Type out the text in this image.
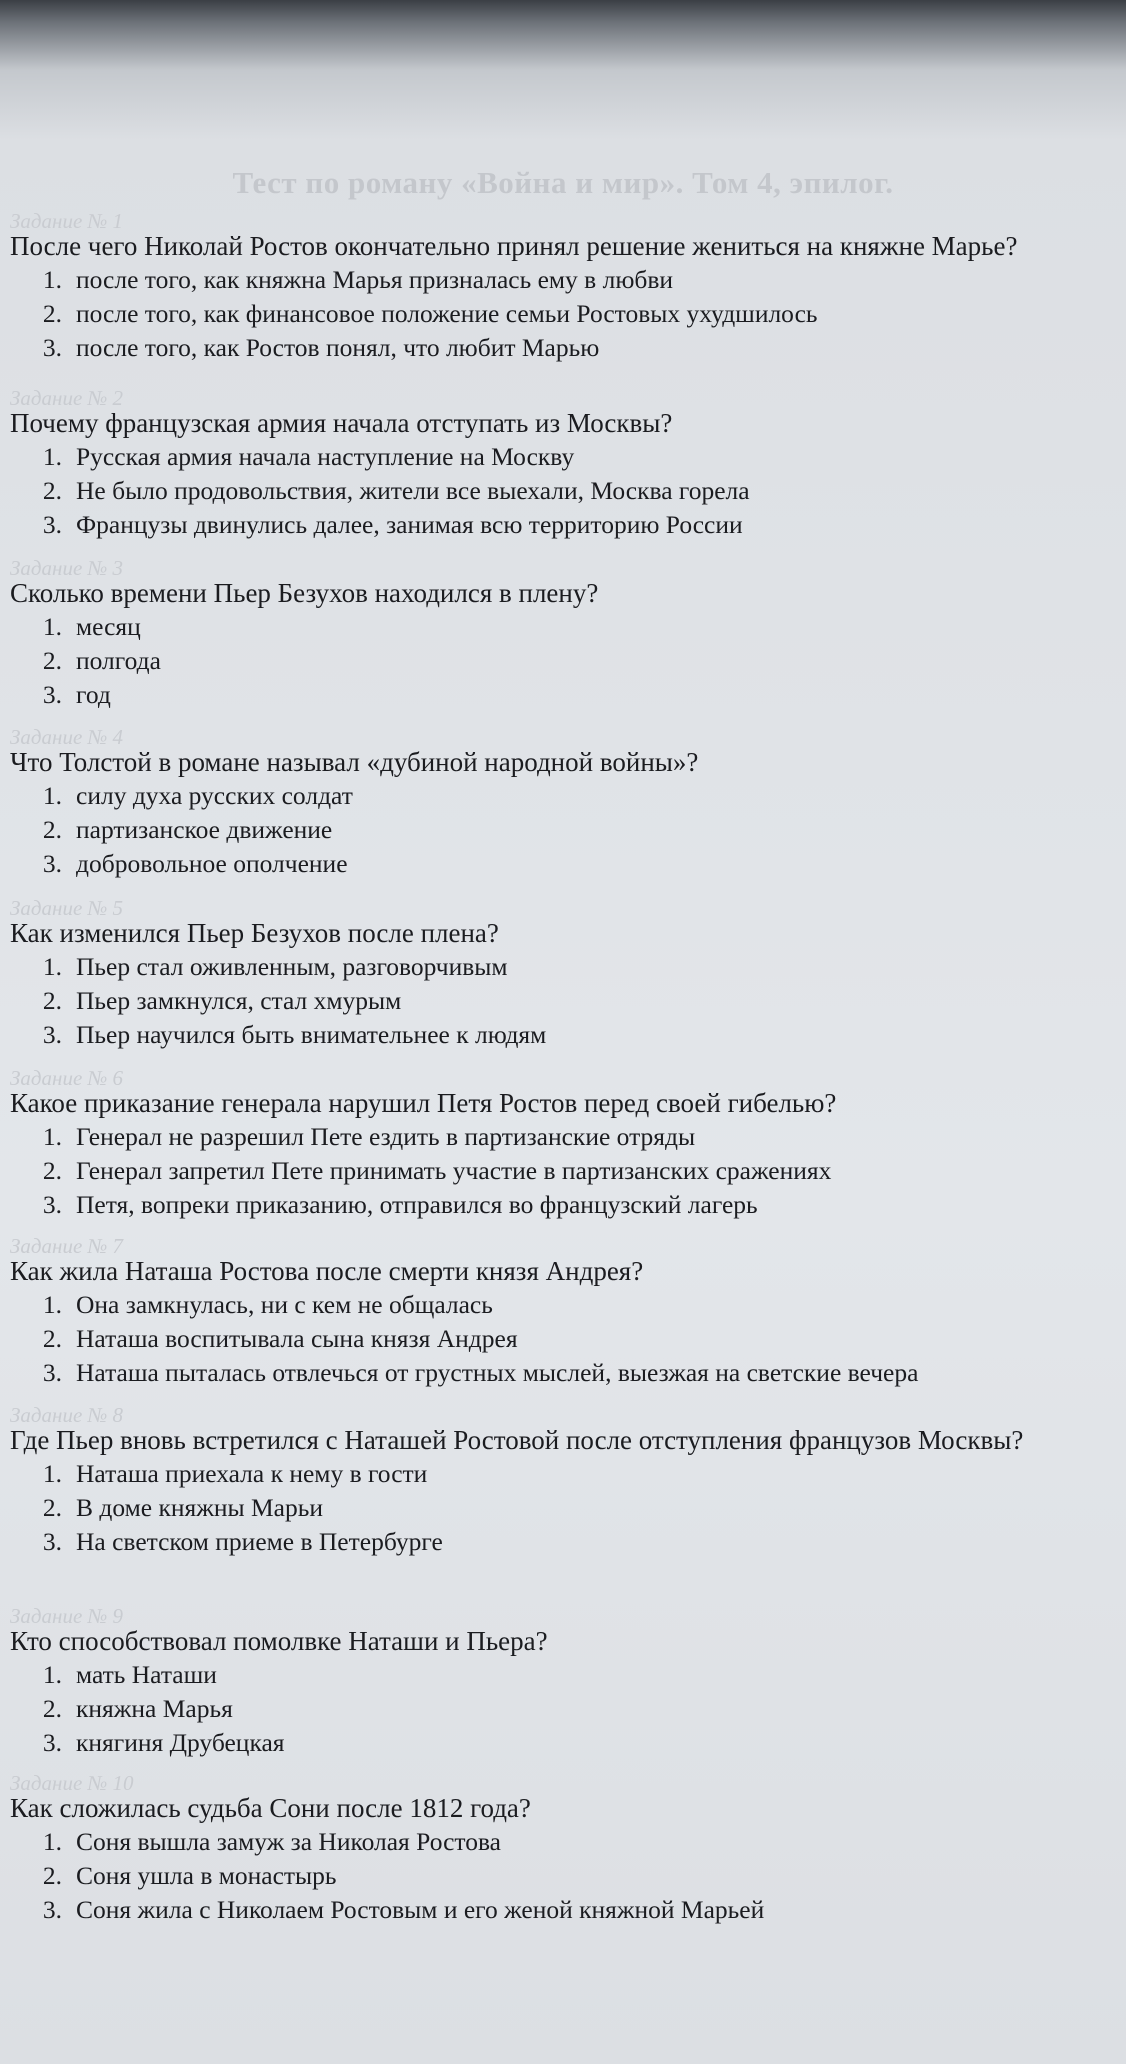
Тест по роману «Война и мир». Том 4, эпилог.
Задание № 1

После чего Николай Ростов окончательно принял решение жениться на княжне Марье?

1. после того, как княжна Марья призналась ему в любви
2. после того, как финансовое положение семьи Ростовых ухудшилось
3. после того, как Ростов понял, что любит Марью
Задание № 2

Почему французская армия начала отступать из Москвы?

1. Русская армия начала наступление на Москву
2. Не было продовольствия, жители все выехали, Москва горела
3. Французы двинулись далее, занимая всю территорию России
Задание № 3

Сколько времени Пьер Безухов находился в плену?

1. месяц
2. полгода
3. год
Задание № 4

Что Толстой в романе называл «дубиной народной войны»?

1. силу духа русских солдат
2. партизанское движение
3. добровольное ополчение
Задание № 5

Как изменился Пьер Безухов после плена?

1. Пьер стал оживленным, разговорчивым
2. Пьер замкнулся, стал хмурым
3. Пьер научился быть внимательнее к людям
Задание № 6

Какое приказание генерала нарушил Петя Ростов перед своей гибелью?

1. Генерал не разрешил Пете ездить в партизанские отряды
2. Генерал запретил Пете принимать участие в партизанских сражениях
3. Петя, вопреки приказанию, отправился во французский лагерь
Задание № 7

Как жила Наташа Ростова после смерти князя Андрея?

1. Она замкнулась, ни с кем не общалась
2. Наташа воспитывала сына князя Андрея
3. Наташа пыталась отвлечься от грустных мыслей, выезжая на светские вечера
Задание № 8

Где Пьер вновь встретился с Наташей Ростовой после отступления французов Москвы?

1. Наташа приехала к нему в гости
2. В доме княжны Марьи
3. На светском приеме в Петербурге
Задание № 9

Кто способствовал помолвке Наташи и Пьера?

1. мать Наташи
2. княжна Марья
3. княгиня Друбецкая
Задание № 10

Как сложилась судьба Сони после 1812 года?

1. Соня вышла замуж за Николая Ростова
2. Соня ушла в монастырь
3. Соня жила с Николаем Ростовым и его женой княжной Марьей
